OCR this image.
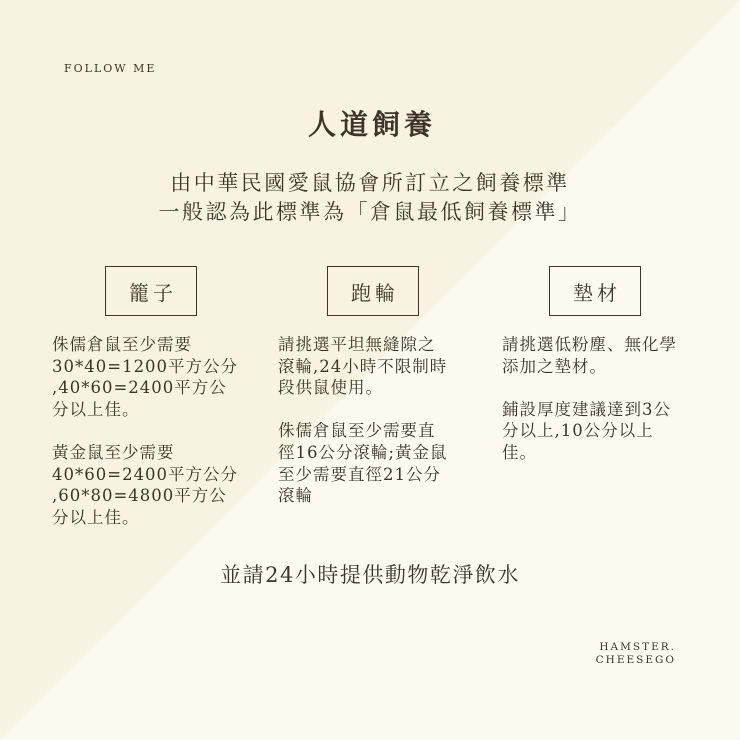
FOLLOW ME
人道飼養
由中華民國愛鼠協會所訂立之飼養標準
一般認為此標準為「倉鼠最低飼養標準」
籠子	跑輪	墊材
侏儒倉鼠至少需要
30*40=1200平方公分
,40*60=2400平方公
分以上佳。
黃金鼠至少需要
40*60=2400平方公分
,60*80=4800平方公
分以上佳。
請挑選平坦無縫隙之
滾輪,24小時不限制時
段供鼠使用。
侏儒倉鼠至少需要直
徑16公分滾輪;黃金鼠
至少需要直徑21公分
滾輪
請挑選低粉塵、無化學
添加之墊材。
鋪設厚度建議達到3公
分以上,10公分以上
佳。
並請24小時提供動物乾淨飲水
HAMSTER.
CHEESEGO
